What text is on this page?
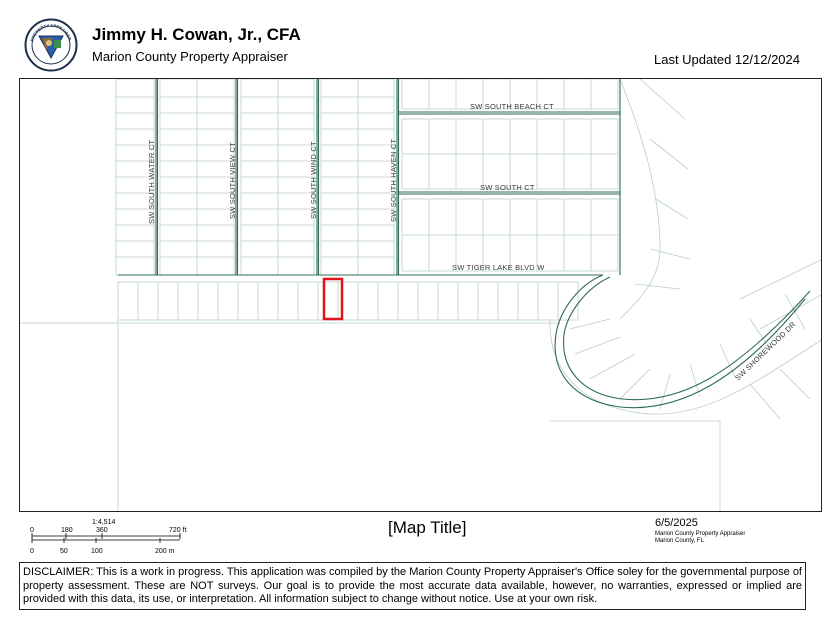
PROPERTY APPRAISER Jimmy H. Cowan, Jr., CFA
Marion County Property Appraiser	Last Updated 12/12/2024
SW SOUTH BEACH CT
SW SOUTH CT
SW TIGER LAKE BLVD W
SW SOUTH WATER CT	SW SOUTH VIEW CT	SW SOUTH WIND CT	SW SOUTH HAVEN CT
SW SHOREWOOD DR
1:4,514
0	180	360	720 ft
0	50	100	200 m
[Map Title]	6/5/2025
Marion County Property Appraiser
Marion County, FL
DISCLAIMER: This is a work in progress. This application was compiled by the Marion County Property Appraiser's Office soley for the governmental purpose of property assessment. These are NOT surveys. Our goal is to provide the most accurate data available, however, no warranties, expressed or implied are provided with this data, its use, or interpretation. All information subject to change without notice. Use at your own risk.
